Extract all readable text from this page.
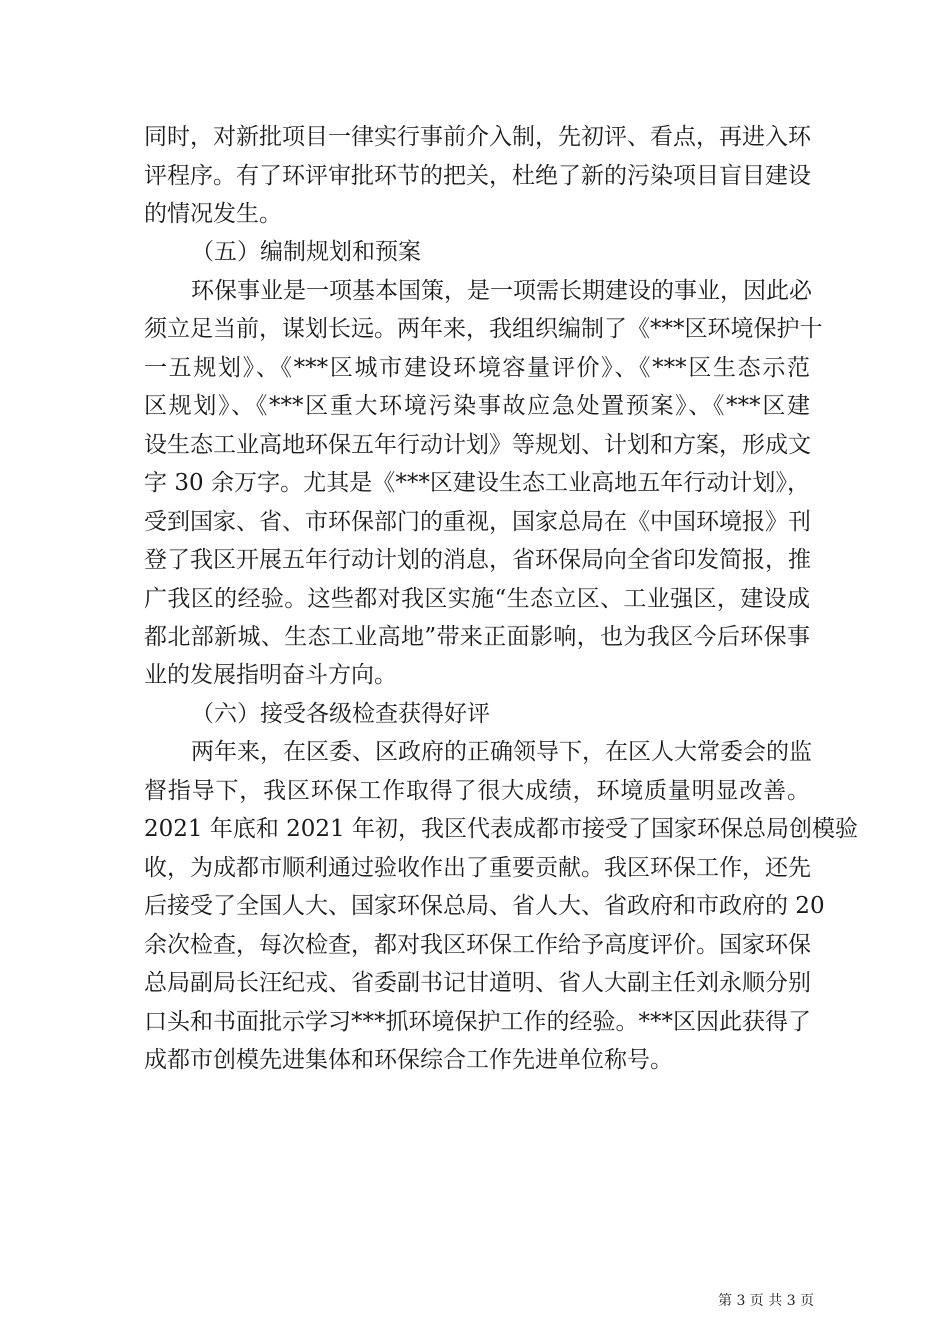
同时，对新批项目一律实行事前介入制，先初评、看点，再进入环
评程序。有了环评审批环节的把关，杜绝了新的污染项目盲目建设
的情况发生。
（五）编制规划和预案
环保事业是一项基本国策，是一项需长期建设的事业，因此必
须立足当前，谋划长远。两年来，我组织编制了《***区环境保护十
一五规划》、《***区城市建设环境容量评价》、《***区生态示范
区规划》、《***区重大环境污染事故应急处置预案》、《***区建
设生态工业高地环保五年行动计划》等规划、计划和方案，形成文
字 30 余万字。尤其是《***区建设生态工业高地五年行动计划》，
受到国家、省、市环保部门的重视，国家总局在《中国环境报》刊
登了我区开展五年行动计划的消息，省环保局向全省印发简报，推
广我区的经验。这些都对我区实施“生态立区、工业强区，建设成
都北部新城、生态工业高地”带来正面影响，也为我区今后环保事
业的发展指明奋斗方向。
（六）接受各级检查获得好评
两年来，在区委、区政府的正确领导下，在区人大常委会的监
督指导下，我区环保工作取得了很大成绩，环境质量明显改善。
2021 年底和 2021 年初，我区代表成都市接受了国家环保总局创模验
收，为成都市顺利通过验收作出了重要贡献。我区环保工作，还先
后接受了全国人大、国家环保总局、省人大、省政府和市政府的 20
余次检查，每次检查，都对我区环保工作给予高度评价。国家环保
总局副局长汪纪戎、省委副书记甘道明、省人大副主任刘永顺分别
口头和书面批示学习***抓环境保护工作的经验。***区因此获得了
成都市创模先进集体和环保综合工作先进单位称号。
第 3 页 共 3 页
